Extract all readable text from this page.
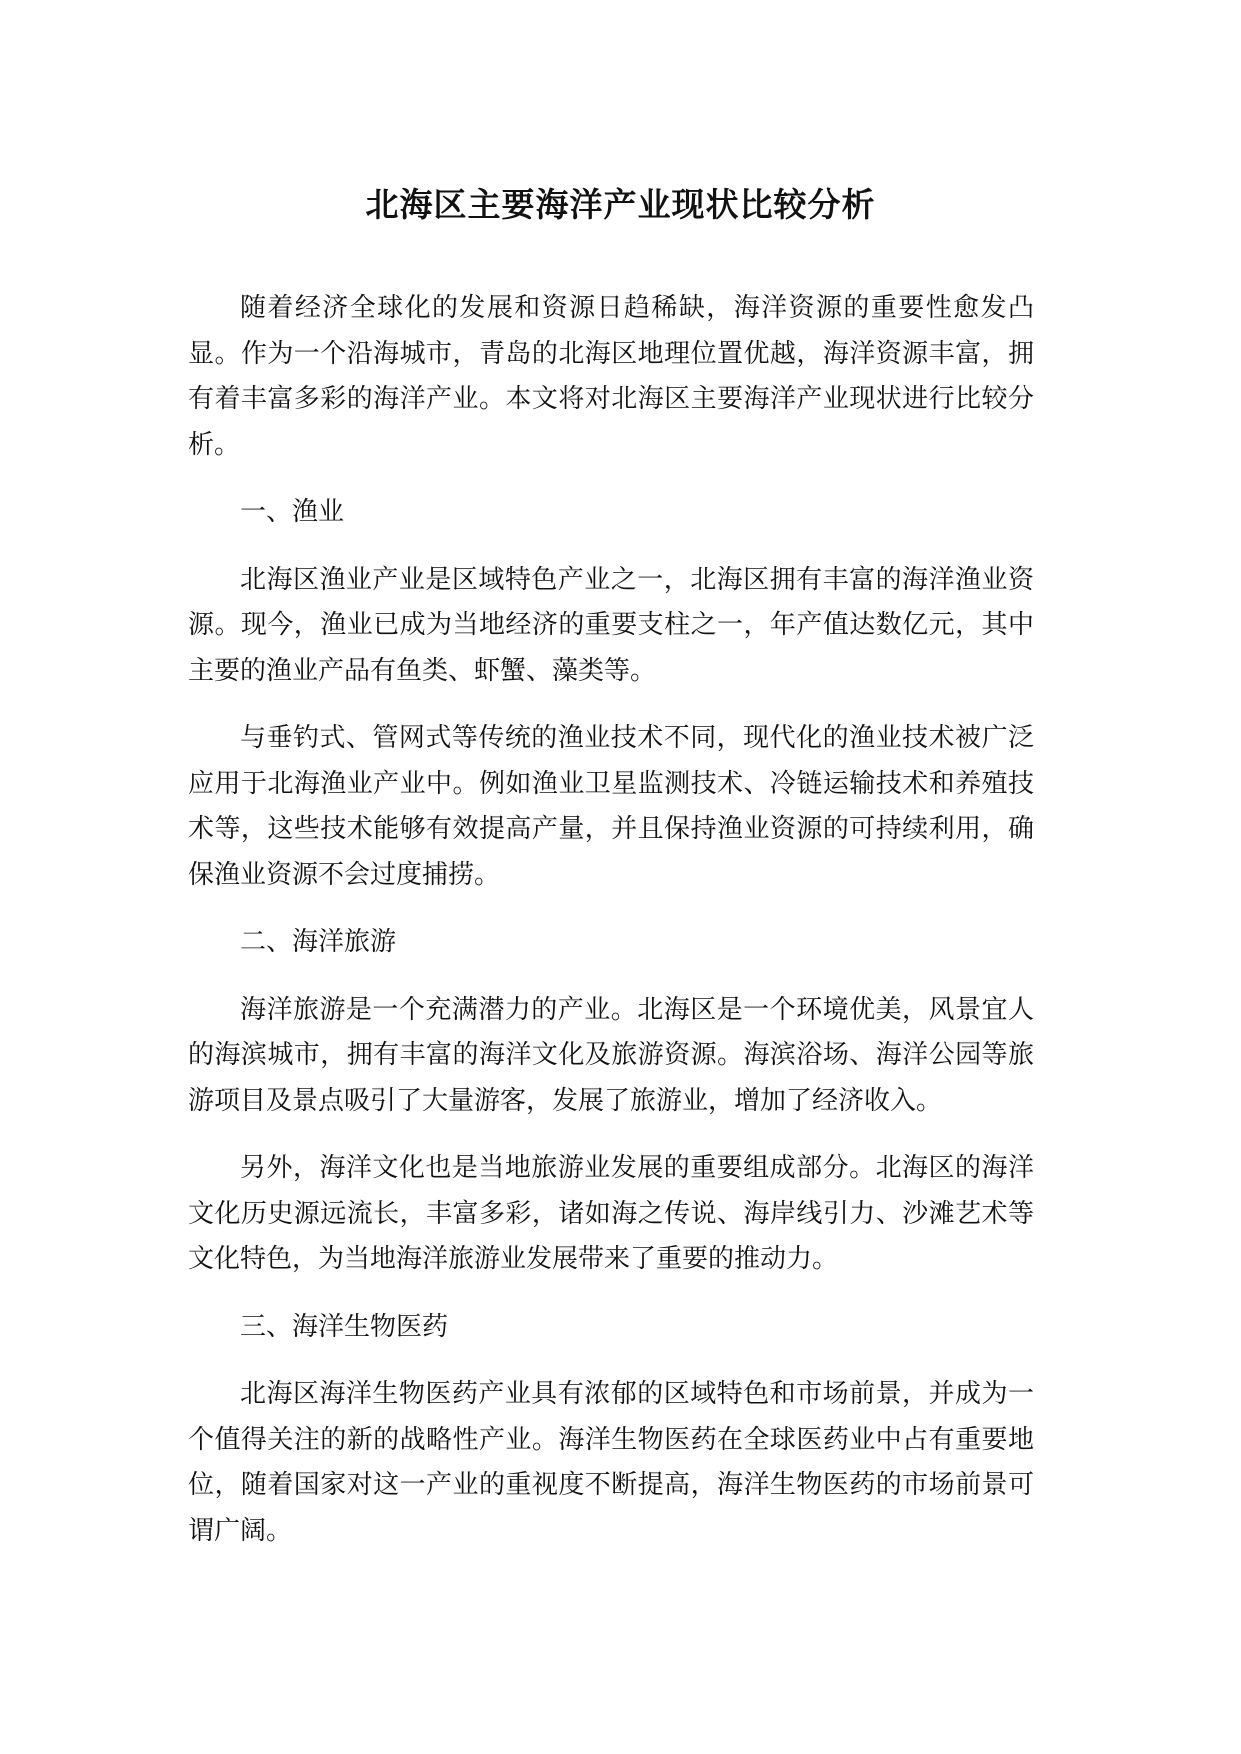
北海区主要海洋产业现状比较分析

随着经济全球化的发展和资源日趋稀缺，海洋资源的重要性愈发凸显。作为一个沿海城市，青岛的北海区地理位置优越，海洋资源丰富，拥有着丰富多彩的海洋产业。本文将对北海区主要海洋产业现状进行比较分析。

一、渔业

北海区渔业产业是区域特色产业之一，北海区拥有丰富的海洋渔业资源。现今，渔业已成为当地经济的重要支柱之一，年产值达数亿元，其中主要的渔业产品有鱼类、虾蟹、藻类等。

与垂钓式、管网式等传统的渔业技术不同，现代化的渔业技术被广泛应用于北海渔业产业中。例如渔业卫星监测技术、冷链运输技术和养殖技术等，这些技术能够有效提高产量，并且保持渔业资源的可持续利用，确保渔业资源不会过度捕捞。

二、海洋旅游

海洋旅游是一个充满潜力的产业。北海区是一个环境优美，风景宜人的海滨城市，拥有丰富的海洋文化及旅游资源。海滨浴场、海洋公园等旅游项目及景点吸引了大量游客，发展了旅游业，增加了经济收入。

另外，海洋文化也是当地旅游业发展的重要组成部分。北海区的海洋文化历史源远流长，丰富多彩，诸如海之传说、海岸线引力、沙滩艺术等文化特色，为当地海洋旅游业发展带来了重要的推动力。

三、海洋生物医药

北海区海洋生物医药产业具有浓郁的区域特色和市场前景，并成为一个值得关注的新的战略性产业。海洋生物医药在全球医药业中占有重要地位，随着国家对这一产业的重视度不断提高，海洋生物医药的市场前景可谓广阔。
